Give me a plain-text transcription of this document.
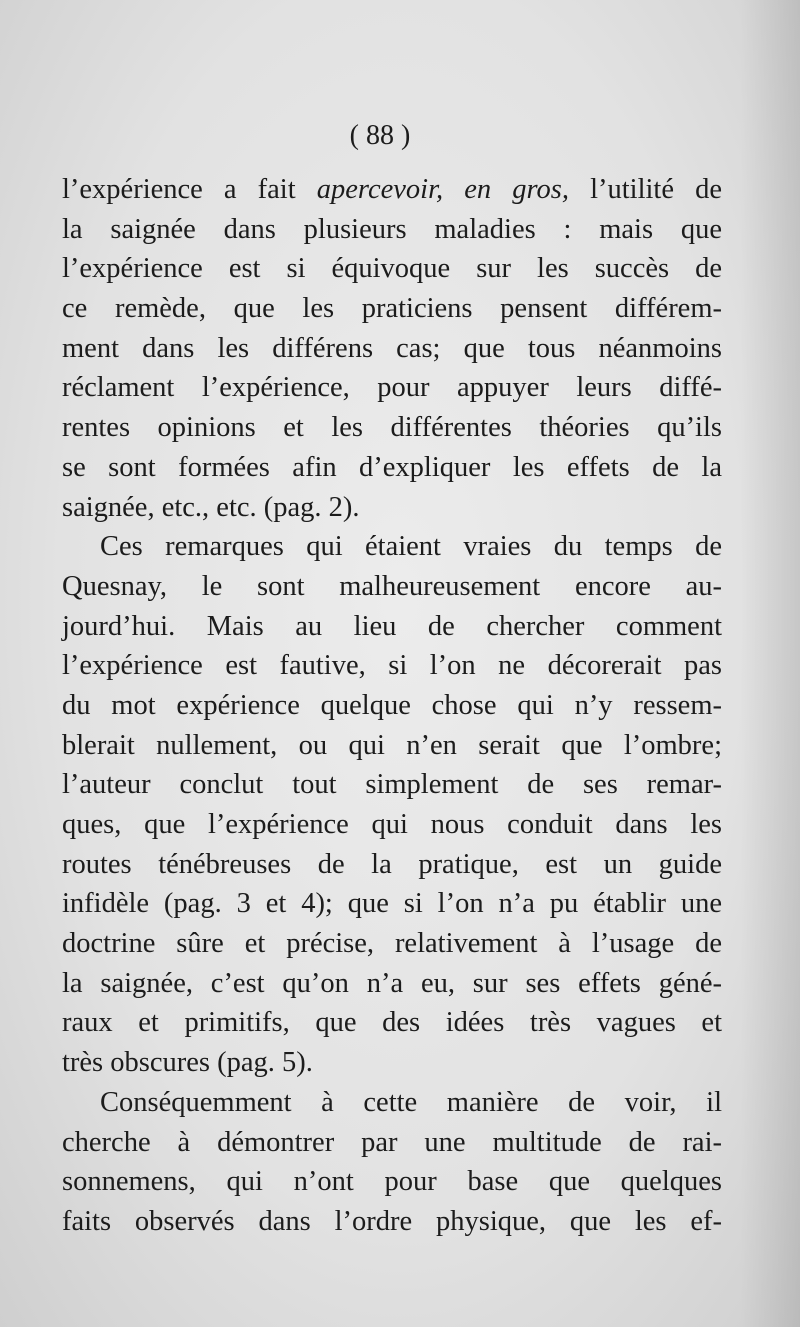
( 88 )
l’expérience a fait apercevoir, en gros, l’utilité de
la saignée dans plusieurs maladies : mais que
l’expérience est si équivoque sur les succès de
ce remède, que les praticiens pensent différem-
ment dans les différens cas; que tous néanmoins
réclament l’expérience, pour appuyer leurs diffé-
rentes opinions et les différentes théories qu’ils
se sont formées afin d’expliquer les effets de la
saignée, etc., etc. (pag. 2).
Ces remarques qui étaient vraies du temps de
Quesnay, le sont malheureusement encore au-
jourd’hui. Mais au lieu de chercher comment
l’expérience est fautive, si l’on ne décorerait pas
du mot expérience quelque chose qui n’y ressem-
blerait nullement, ou qui n’en serait que l’ombre;
l’auteur conclut tout simplement de ses remar-
ques, que l’expérience qui nous conduit dans les
routes ténébreuses de la pratique, est un guide
infidèle (pag. 3 et 4); que si l’on n’a pu établir une
doctrine sûre et précise, relativement à l’usage de
la saignée, c’est qu’on n’a eu, sur ses effets géné-
raux et primitifs, que des idées très vagues et
très obscures (pag. 5).
Conséquemment à cette manière de voir, il
cherche à démontrer par une multitude de rai-
sonnemens, qui n’ont pour base que quelques
faits observés dans l’ordre physique, que les ef-
